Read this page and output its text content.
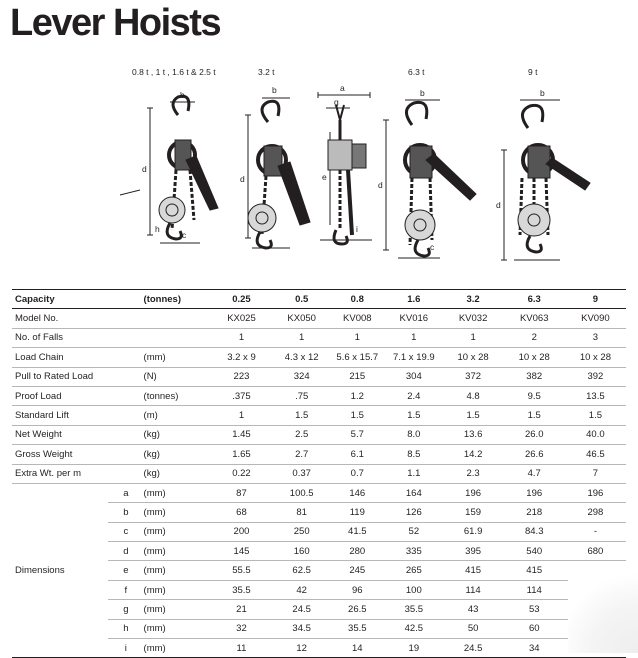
Lever Hoists
0.8 t , 1 t , 1.6 t & 2.5 t	3.2 t	6.3 t	9 t
b
d
c
h
b
d
a
g
e
i
b
d
c
b
d
Capacity		(tonnes)	0.25	0.5	0.8	1.6	3.2	6.3	9
Model No.			KX025	KX050	KV008	KV016	KV032	KV063	KV090
No. of Falls			1	1	1	1	1	2	3
Load Chain		(mm)	3.2 x 9	4.3 x 12	5.6 x 15.7	7.1 x 19.9	10 x 28	10 x 28	10 x 28
Pull to Rated Load		(N)	223	324	215	304	372	382	392
Proof Load		(tonnes)	.375	.75	1.2	2.4	4.8	9.5	13.5
Standard Lift		(m)	1	1.5	1.5	1.5	1.5	1.5	1.5
Net Weight		(kg)	1.45	2.5	5.7	8.0	13.6	26.0	40.0
Gross Weight		(kg)	1.65	2.7	6.1	8.5	14.2	26.6	46.5
Extra Wt. per m		(kg)	0.22	0.37	0.7	1.1	2.3	4.7	7
	a	(mm)	87	100.5	146	164	196	196	196
	b	(mm)	68	81	119	126	159	218	298
	c	(mm)	200	250	41.5	52	61.9	84.3	-
	d	(mm)	145	160	280	335	395	540	680
Dimensions	e	(mm)	55.5	62.5	245	265	415	415	
	f	(mm)	35.5	42	96	100	114	114	
	g	(mm)	21	24.5	26.5	35.5	43	53	
	h	(mm)	32	34.5	35.5	42.5	50	60	
	i	(mm)	11	12	14	19	24.5	34	
